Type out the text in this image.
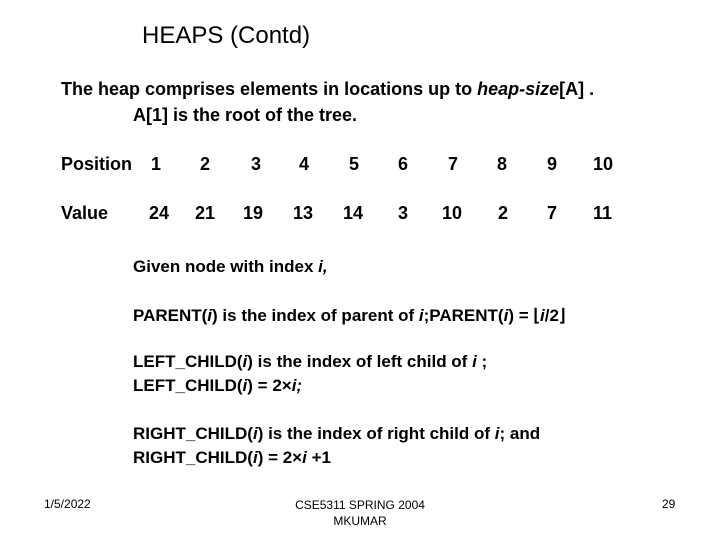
HEAPS (Contd)
The heap comprises elements in locations up to heap-size[A] .
A[1] is the root of the tree.
Position 1 2 3 4 5 6 7 8 9 10
Value 24 21 19 13 14 3 10 2 7 11
Given node with index i,
PARENT(i) is the index of parent of i;PARENT(i) = ⌊i/2⌋
LEFT_CHILD(i) is the index of left child of i ;
LEFT_CHILD(i) = 2×i;
RIGHT_CHILD(i) is the index of right child of i; and
RIGHT_CHILD(i) = 2×i +1
1/5/2022	CSE5311 SPRING 2004
MKUMAR
29
